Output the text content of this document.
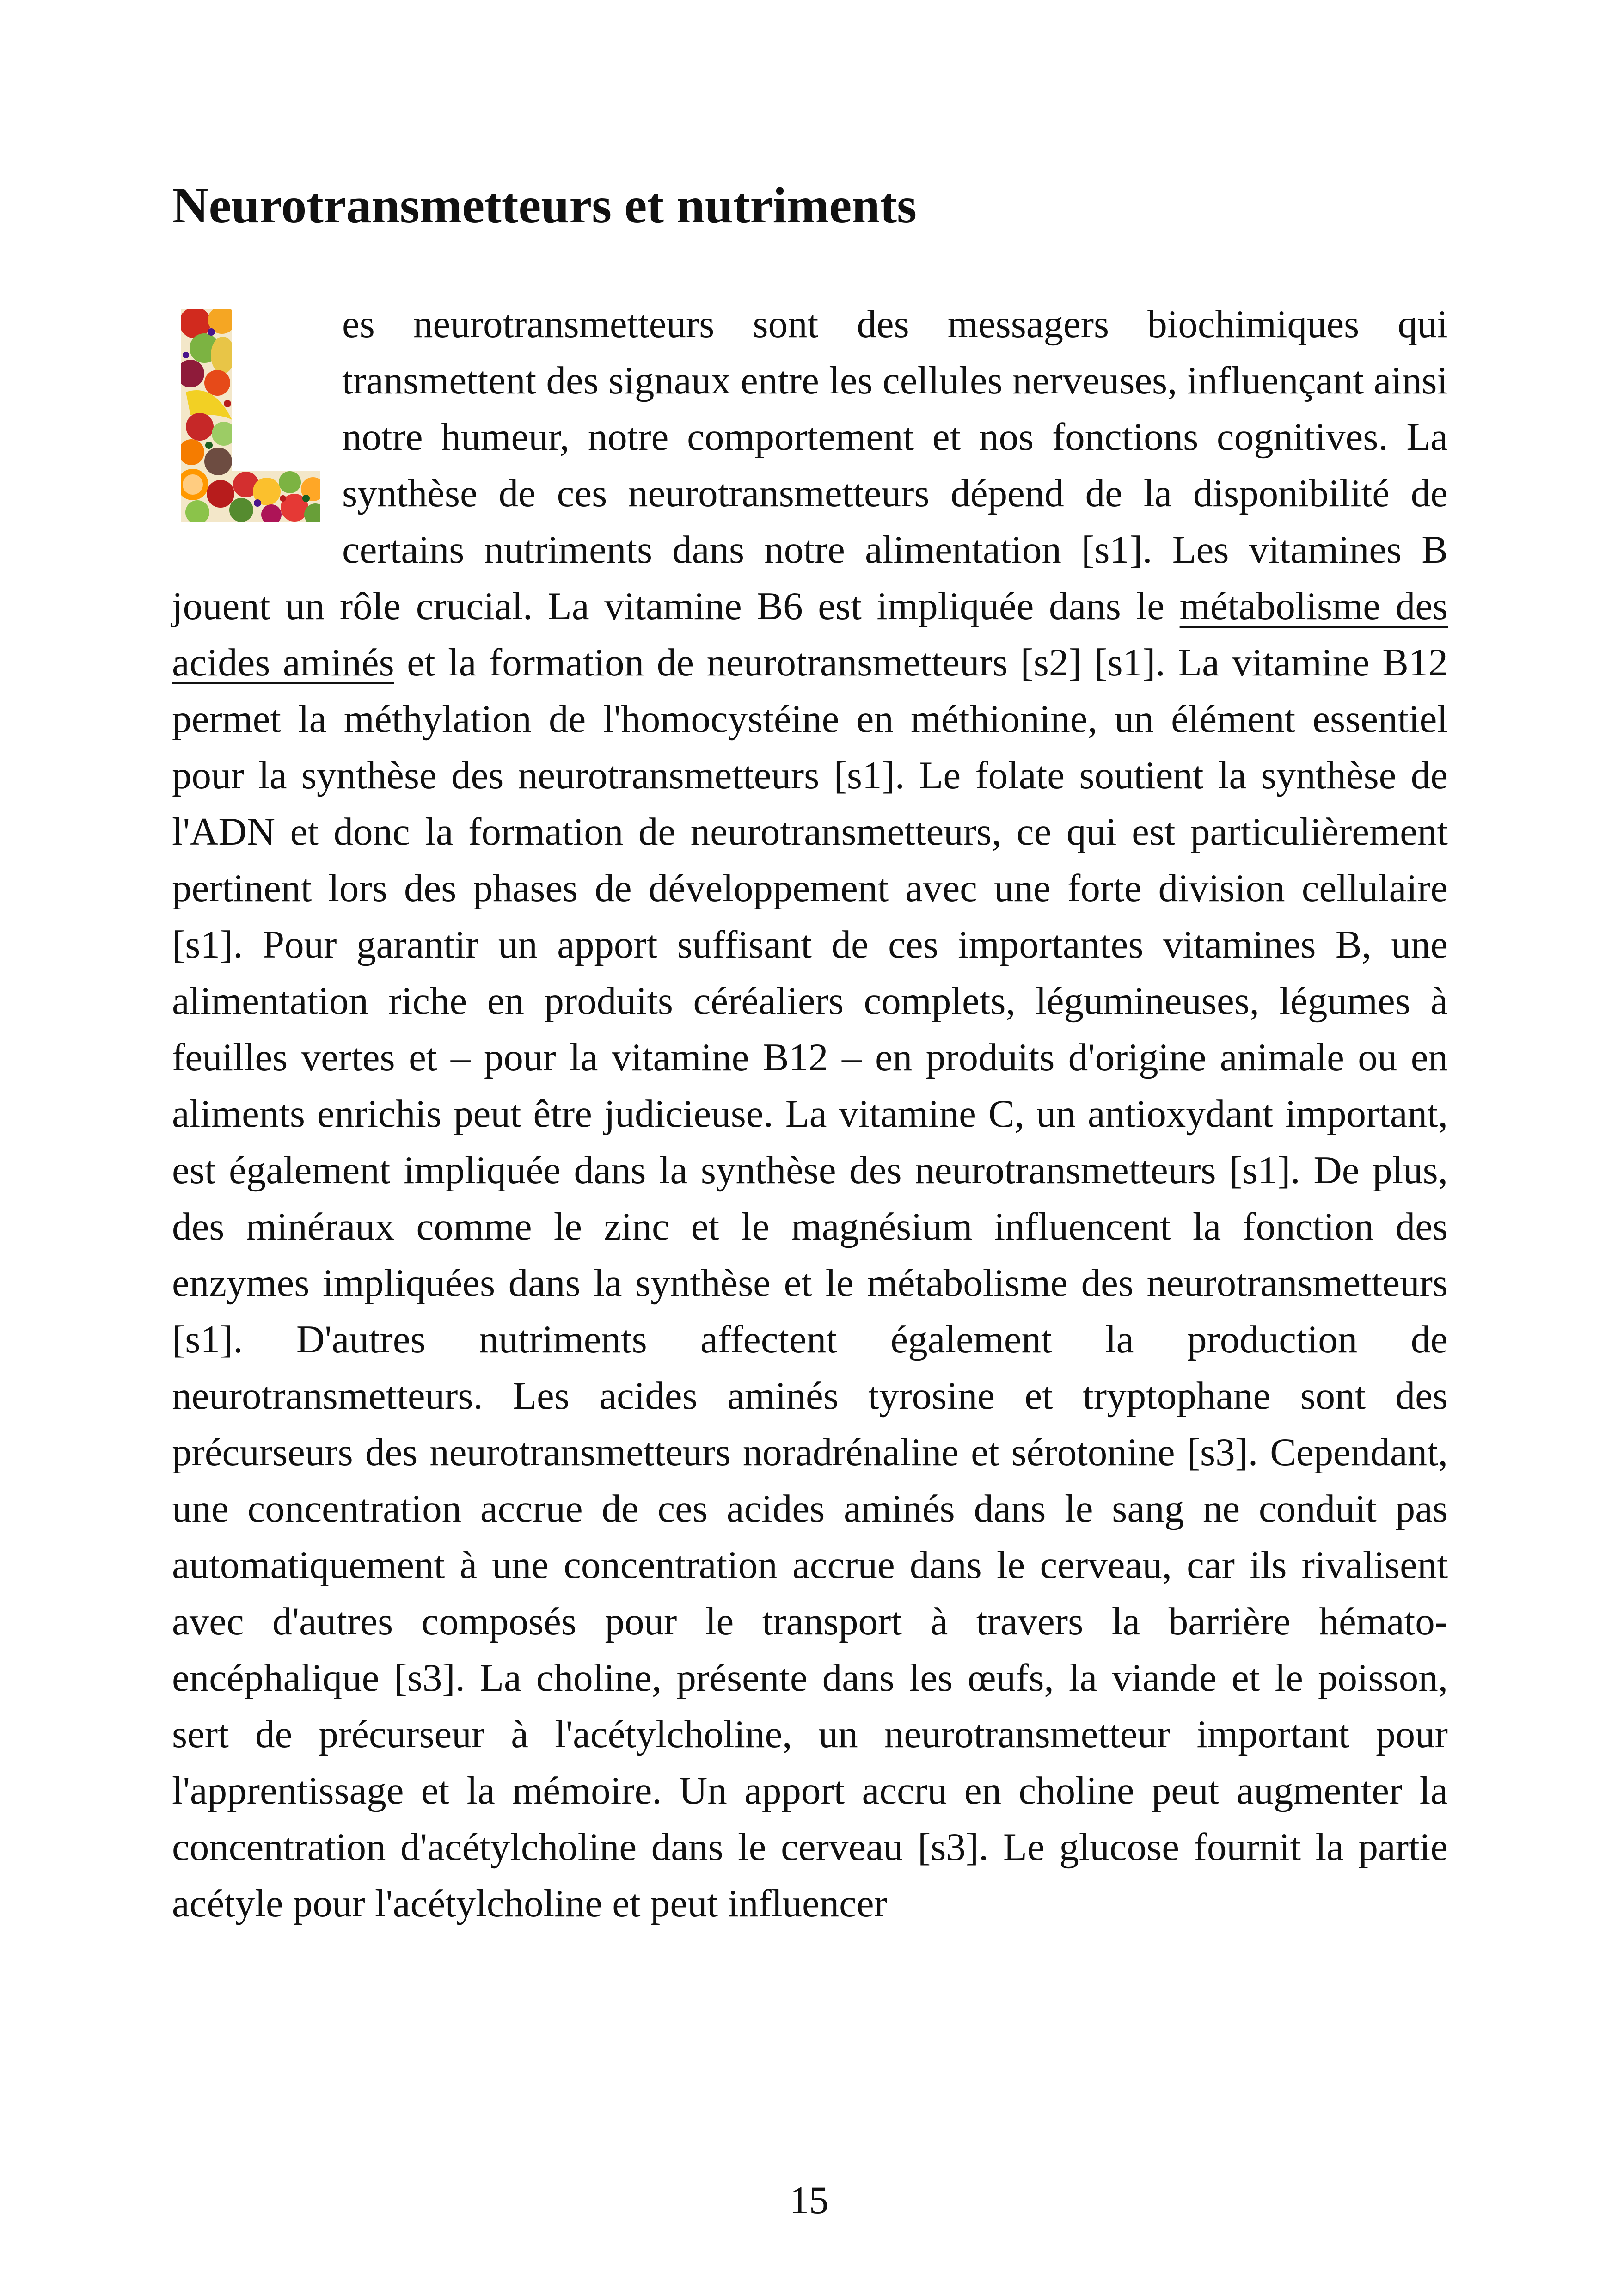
Neurotransmetteurs et nutriments

es neurotransmetteurs sont des messagers biochimiques qui transmettent des signaux entre les cellules nerveuses, influençant ainsi notre humeur, notre comportement et nos fonctions cognitives. La synthèse de ces neurotransmetteurs dépend de la disponibilité de certains nutriments dans notre alimentation [s1]. Les vitamines B jouent un rôle crucial. La vitamine B6 est impliquée dans le métabolisme des acides aminés et la formation de neurotransmetteurs [s2] [s1]. La vitamine B12 permet la méthylation de l'homocystéine en méthionine, un élément essentiel pour la synthèse des neurotransmetteurs [s1]. Le folate soutient la synthèse de l'ADN et donc la formation de neurotransmetteurs, ce qui est particulièrement pertinent lors des phases de développement avec une forte division cellulaire [s1]. Pour garantir un apport suffisant de ces importantes vitamines B, une alimentation riche en produits céréaliers complets, légumineuses, légumes à feuilles vertes et – pour la vitamine B12 – en produits d'origine animale ou en aliments enrichis peut être judicieuse. La vitamine C, un antioxydant important, est également impliquée dans la synthèse des neurotransmetteurs [s1]. De plus, des minéraux comme le zinc et le magnésium influencent la fonction des enzymes impliquées dans la synthèse et le métabolisme des neurotransmetteurs [s1]. D'autres nutriments affectent également la production de neurotransmetteurs. Les acides aminés tyrosine et tryptophane sont des précurseurs des neurotransmetteurs noradrénaline et sérotonine [s3]. Cependant, une concentration accrue de ces acides aminés dans le sang ne conduit pas automatiquement à une concentration accrue dans le cerveau, car ils rivalisent avec d'autres composés pour le transport à travers la barrière hémato-encéphalique [s3]. La choline, présente dans les œufs, la viande et le poisson, sert de précurseur à l'acétylcholine, un neurotransmetteur important pour l'apprentissage et la mémoire. Un apport accru en choline peut augmenter la concentration d'acétylcholine dans le cerveau [s3]. Le glucose fournit la partie acétyle pour l'acétylcholine et peut influencer

15
